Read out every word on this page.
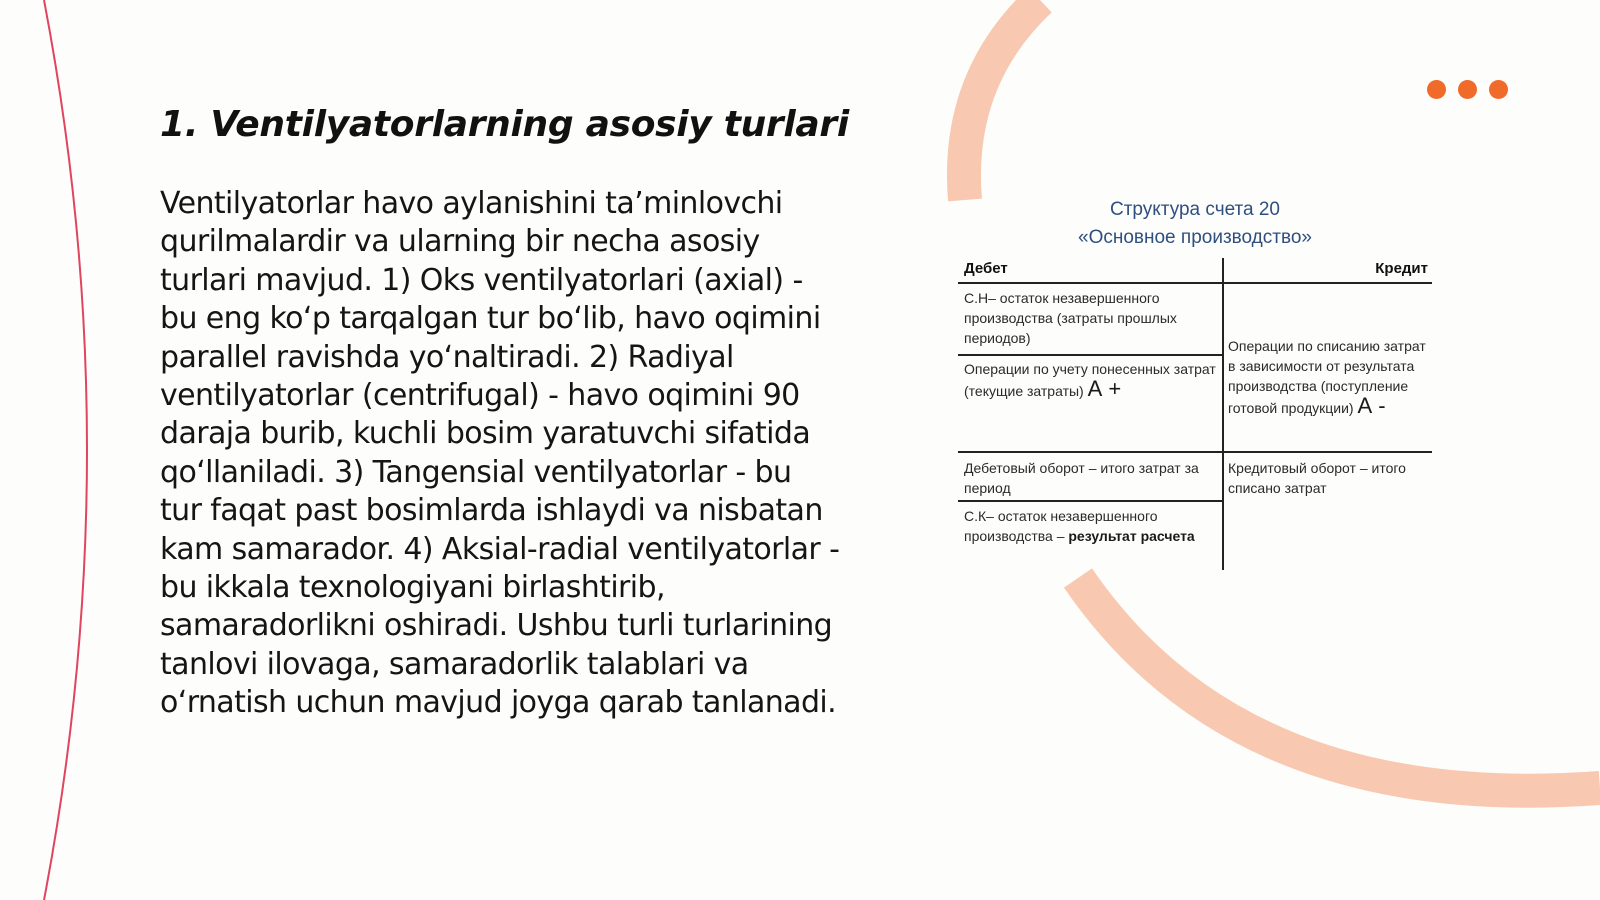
1. Ventilyatorlarning asosiy turlari

Ventilyatorlar havo aylanishini ta’minlovchi qurilmalardir va ularning bir necha asosiy turlari mavjud. 1) Oks ventilyatorlari (axial) - bu eng ko‘p tarqalgan tur bo‘lib, havo oqimini parallel ravishda yo‘naltiradi. 2) Radiyal ventilyatorlar (centrifugal) - havo oqimini 90 daraja burib, kuchli bosim yaratuvchi sifatida qo‘llaniladi. 3) Tangensial ventilyatorlar - bu tur faqat past bosimlarda ishlaydi va nisbatan kam samarador. 4) Aksial-radial ventilyatorlar - bu ikkala texnologiyani birlashtirib, samaradorlikni oshiradi. Ushbu turli turlarining tanlovi ilovaga, samaradorlik talablari va o‘rnatish uchun mavjud joyga qarab tanlanadi.

Структура счета 20
«Основное производство»
Дебет	Кредит
С.Н– остаток незавершенного производства (затраты прошлых периодов)
Операции по учету понесенных затрат (текущие затраты) А +
Операции по списанию затрат в зависимости от результата производства (поступление готовой продукции) А -
Дебетовый оборот – итого затрат за период
Кредитовый оборот – итого списано затрат
С.К– остаток незавершенного производства – результат расчета
